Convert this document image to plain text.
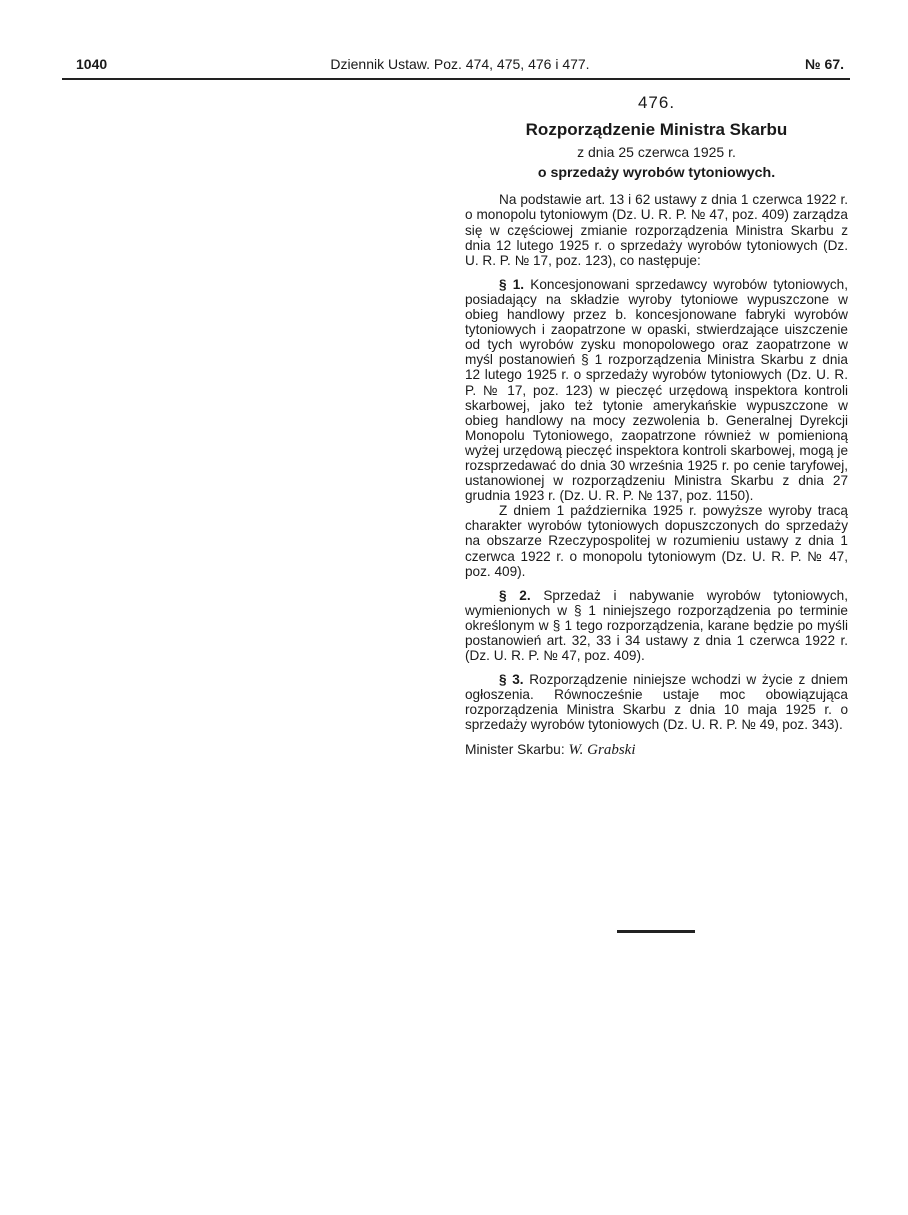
1040	Dziennik Ustaw. Poz. 474, 475, 476 i 477.	№ 67.
476.
Rozporządzenie Ministra Skarbu
z dnia 25 czerwca 1925 r.
o sprzedaży wyrobów tytoniowych.

Na podstawie art. 13 i 62 ustawy z dnia 1 czerwca 1922 r. o monopolu tytoniowym (Dz. U. R. P. № 47, poz. 409) zarządza się w częściowej zmianie rozporządzenia Ministra Skarbu z dnia 12 lutego 1925 r. o sprzedaży wyrobów tytoniowych (Dz. U. R. P. № 17, poz. 123), co następuje:

§ 1. Koncesjonowani sprzedawcy wyrobów tytoniowych, posiadający na składzie wyroby tytoniowe wypuszczone w obieg handlowy przez b. koncesjonowane fabryki wyrobów tytoniowych i zaopatrzone w opaski, stwierdzające uiszczenie od tych wyrobów zysku monopolowego oraz zaopatrzone w myśl postanowień § 1 rozporządzenia Ministra Skarbu z dnia 12 lutego 1925 r. o sprzedaży wyrobów tytoniowych (Dz. U. R. P. № 17, poz. 123) w pieczęć urzędową inspektora kontroli skarbowej, jako też tytonie amerykańskie wypuszczone w obieg handlowy na mocy zezwolenia b. Generalnej Dyrekcji Monopolu Tytoniowego, zaopatrzone również w pomienioną wyżej urzędową pieczęć inspektora kontroli skarbowej, mogą je rozsprzedawać do dnia 30 września 1925 r. po cenie taryfowej, ustanowionej w rozporządzeniu Ministra Skarbu z dnia 27 grudnia 1923 r. (Dz. U. R. P. № 137, poz. 1150).

Z dniem 1 października 1925 r. powyższe wyroby tracą charakter wyrobów tytoniowych dopuszczonych do sprzedaży na obszarze Rzeczypospolitej w rozumieniu ustawy z dnia 1 czerwca 1922 r. o monopolu tytoniowym (Dz. U. R. P. № 47, poz. 409).

§ 2. Sprzedaż i nabywanie wyrobów tytoniowych, wymienionych w § 1 niniejszego rozporządzenia po terminie określonym w § 1 tego rozporządzenia, karane będzie po myśli postanowień art. 32, 33 i 34 ustawy z dnia 1 czerwca 1922 r. (Dz. U. R. P. № 47, poz. 409).

§ 3. Rozporządzenie niniejsze wchodzi w życie z dniem ogłoszenia. Równocześnie ustaje moc obowiązująca rozporządzenia Ministra Skarbu z dnia 10 maja 1925 r. o sprzedaży wyrobów tytoniowych (Dz. U. R. P. № 49, poz. 343).

Minister Skarbu: W. Grabski
